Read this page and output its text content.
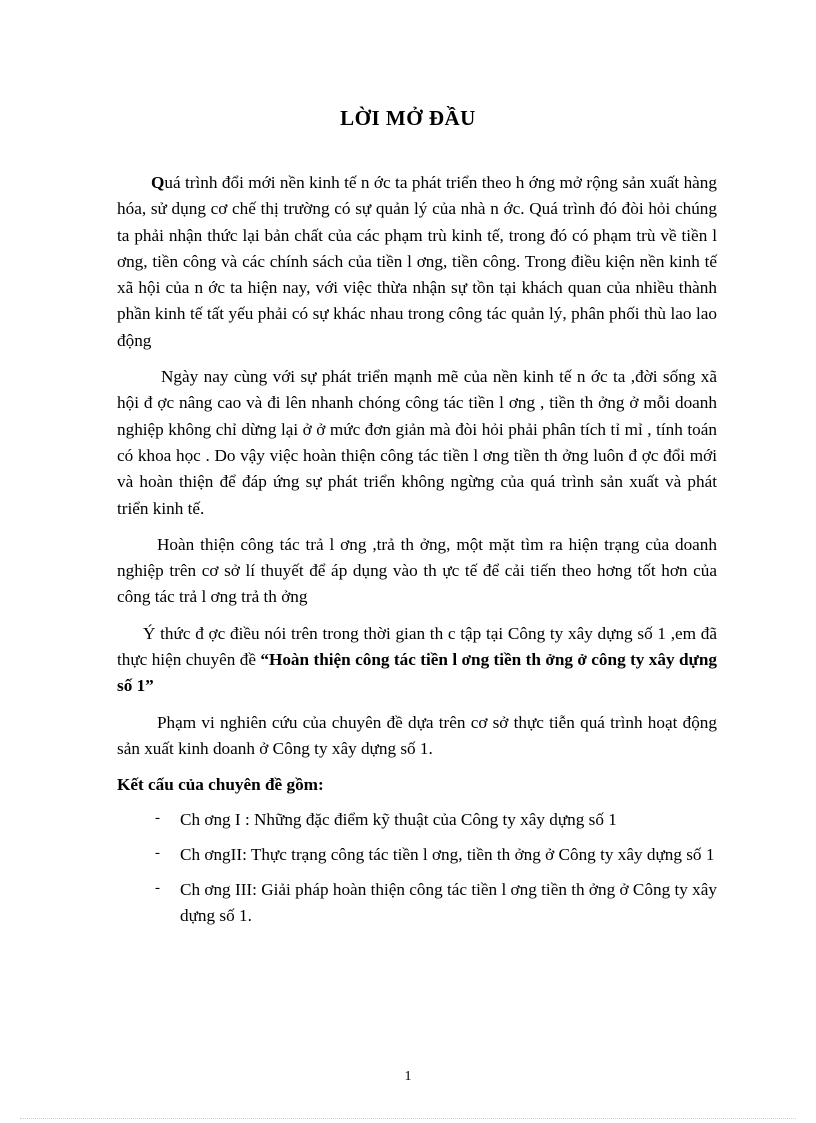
LỜI MỞ ĐẦU
Quá trình đổi mới nền kinh tế n ớc ta phát triển theo h ớng mở rộng sản xuất hàng hóa, sử dụng cơ chế thị trường có sự quản lý của nhà n ớc. Quá trình đó đòi hỏi chúng ta phải nhận thức lại bản chất của các phạm trù kinh tế, trong đó có phạm trù về tiền l ơng, tiền công và các chính sách của tiền l ơng, tiền công. Trong điều kiện nền kinh tế xã hội của n ớc ta hiện nay, với việc thừa nhận sự tồn tại khách quan của nhiều thành phần kinh tế tất yếu phải có sự khác nhau trong công tác quản lý, phân phối thù lao lao động
Ngày nay cùng với sự phát triển mạnh mẽ của nền kinh tế n ớc ta ,đời sống xã hội đ ợc nâng cao và đi lên nhanh chóng công tác tiền l ơng , tiền th ởng ở mỗi doanh nghiệp không chỉ dừng lại ở ở mức đơn giản mà đòi hỏi phải phân tích tỉ mỉ , tính toán có khoa học . Do vậy việc hoàn thiện công tác tiền l ơng tiền th ởng luôn đ ợc đổi mới và hoàn thiện để đáp ứng sự phát triển không ngừng của quá trình sản xuất và phát triển kinh tế.
Hoàn thiện công tác trả l ơng ,trả th ởng, một mặt tìm ra hiện trạng của doanh nghiệp trên cơ sở lí thuyết để áp dụng vào th ực tế để cải tiến theo hơng tốt hơn của công tác trả l ơng trả th ởng
Ý thức đ ợc điều nói trên trong thời gian th c tập tại Công ty xây dựng số 1 ,em đã thực hiện chuyên đề “Hoàn thiện công tác tiền l ơng tiền th ởng ở công ty xây dựng số 1”
Phạm vi nghiên cứu của chuyên đề dựa trên cơ sở thực tiễn quá trình hoạt động sản xuất kinh doanh ở Công ty xây dựng số 1.
Kết cấu của chuyên đề gồm:
- Ch ơng I : Những đặc điểm kỹ thuật của Công ty xây dựng số 1
- Ch ơngII: Thực trạng công tác tiền l ơng, tiền th ởng ở Công ty xây dựng số 1
- Ch ơng III: Giải pháp hoàn thiện công tác tiền l ơng tiền th ởng ở Công ty xây dựng số 1.
1
